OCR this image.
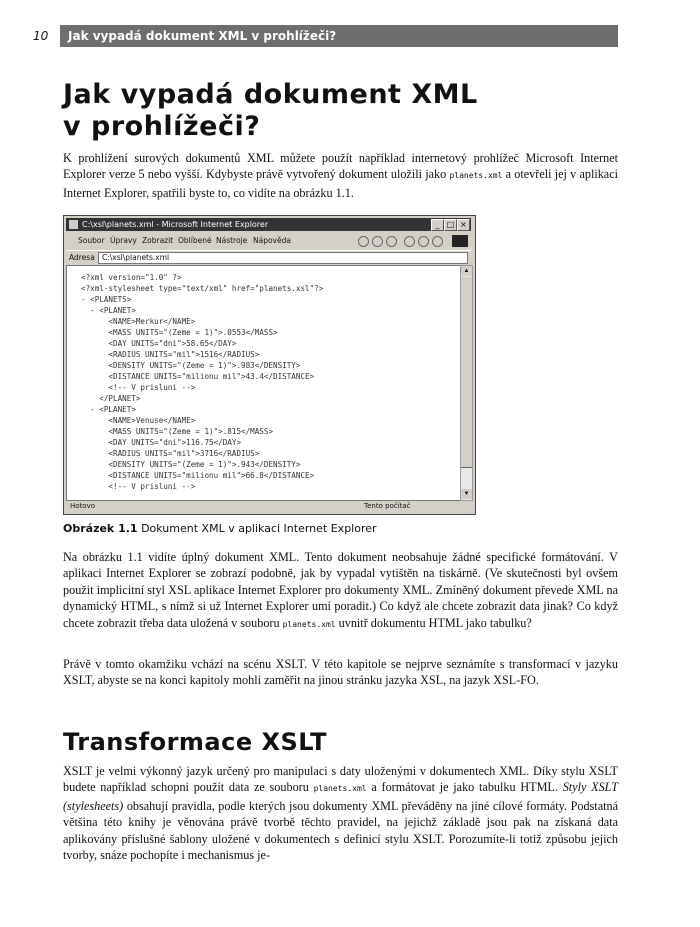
10 Jak vypadá dokument XML v prohlížeči?
Jak vypadá dokument XML
v prohlížeči?
K prohlížení surových dokumentů XML můžete použít například internetový prohlížeč Microsoft Internet Explorer verze 5 nebo vyšší. Kdybyste právě vytvořený dokument uložili jako planets.xml a otevřeli jej v aplikaci Internet Explorer, spatřili byste to, co vidíte na obrázku 1.1.
C:\xsl\planets.xml - Microsoft Internet Explorer	_ □ ×
Soubor Úpravy Zobrazit Oblíbené Nástroje Nápověda
Adresa C:\xsl\planets.xml
<?xml version="1.0" ?>
<?xml-stylesheet type="text/xml" href="planets.xsl"?>
- <PLANETS>
- <PLANET>
<NAME>Merkur</NAME>
<MASS UNITS="(Zeme = 1)">.0553</MASS>
<DAY UNITS="dni">58.65</DAY>
<RADIUS UNITS="mil">1516</RADIUS>
<DENSITY UNITS="(Zeme = 1)">.983</DENSITY>
<DISTANCE UNITS="milionu mil">43.4</DISTANCE>
<!-- V prisluni -->
</PLANET>
- <PLANET>
<NAME>Venuse</NAME>
<MASS UNITS="(Zeme = 1)">.815</MASS>
<DAY UNITS="dni">116.75</DAY>
<RADIUS UNITS="mil">3716</RADIUS>
<DENSITY UNITS="(Zeme = 1)">.943</DENSITY>
<DISTANCE UNITS="milionu mil">66.8</DISTANCE>
<!-- V prisluni -->
▲
▼
Hotovo	Tento počítač
Obrázek 1.1 Dokument XML v aplikaci Internet Explorer
Na obrázku 1.1 vidíte úplný dokument XML. Tento dokument neobsahuje žádné specifické formátování. V aplikaci Internet Explorer se zobrazí podobně, jak by vypadal vytištěn na tiskárně. (Ve skutečnosti byl ovšem použit implicitní styl XSL aplikace Internet Explorer pro dokumenty XML. Zmíněný dokument převede XML na dynamický HTML, s nímž si už Internet Explorer umí poradit.) Co když ale chcete zobrazit data jinak? Co když chcete zobrazit třeba data uložená v souboru planets.xml uvnitř dokumentu HTML jako tabulku?
Právě v tomto okamžiku vchází na scénu XSLT. V této kapitole se nejprve seznámíte s transformací v jazyku XSLT, abyste se na konci kapitoly mohli zaměřit na jinou stránku jazyka XSL, na jazyk XSL-FO.
Transformace XSLT
XSLT je velmi výkonný jazyk určený pro manipulaci s daty uloženými v dokumentech XML. Díky stylu XSLT budete například schopni použít data ze souboru planets.xml a formátovat je jako tabulku HTML. Styly XSLT (stylesheets) obsahují pravidla, podle kterých jsou dokumenty XML převáděny na jiné cílové formáty. Podstatná většina této knihy je věnována právě tvorbě těchto pravidel, na jejichž základě jsou pak na získaná data aplikovány příslušné šablony uložené v dokumentech s definicí stylu XSLT. Porozumíte-li totiž způsobu jejich tvorby, snáze pochopíte i mechanismus je-
